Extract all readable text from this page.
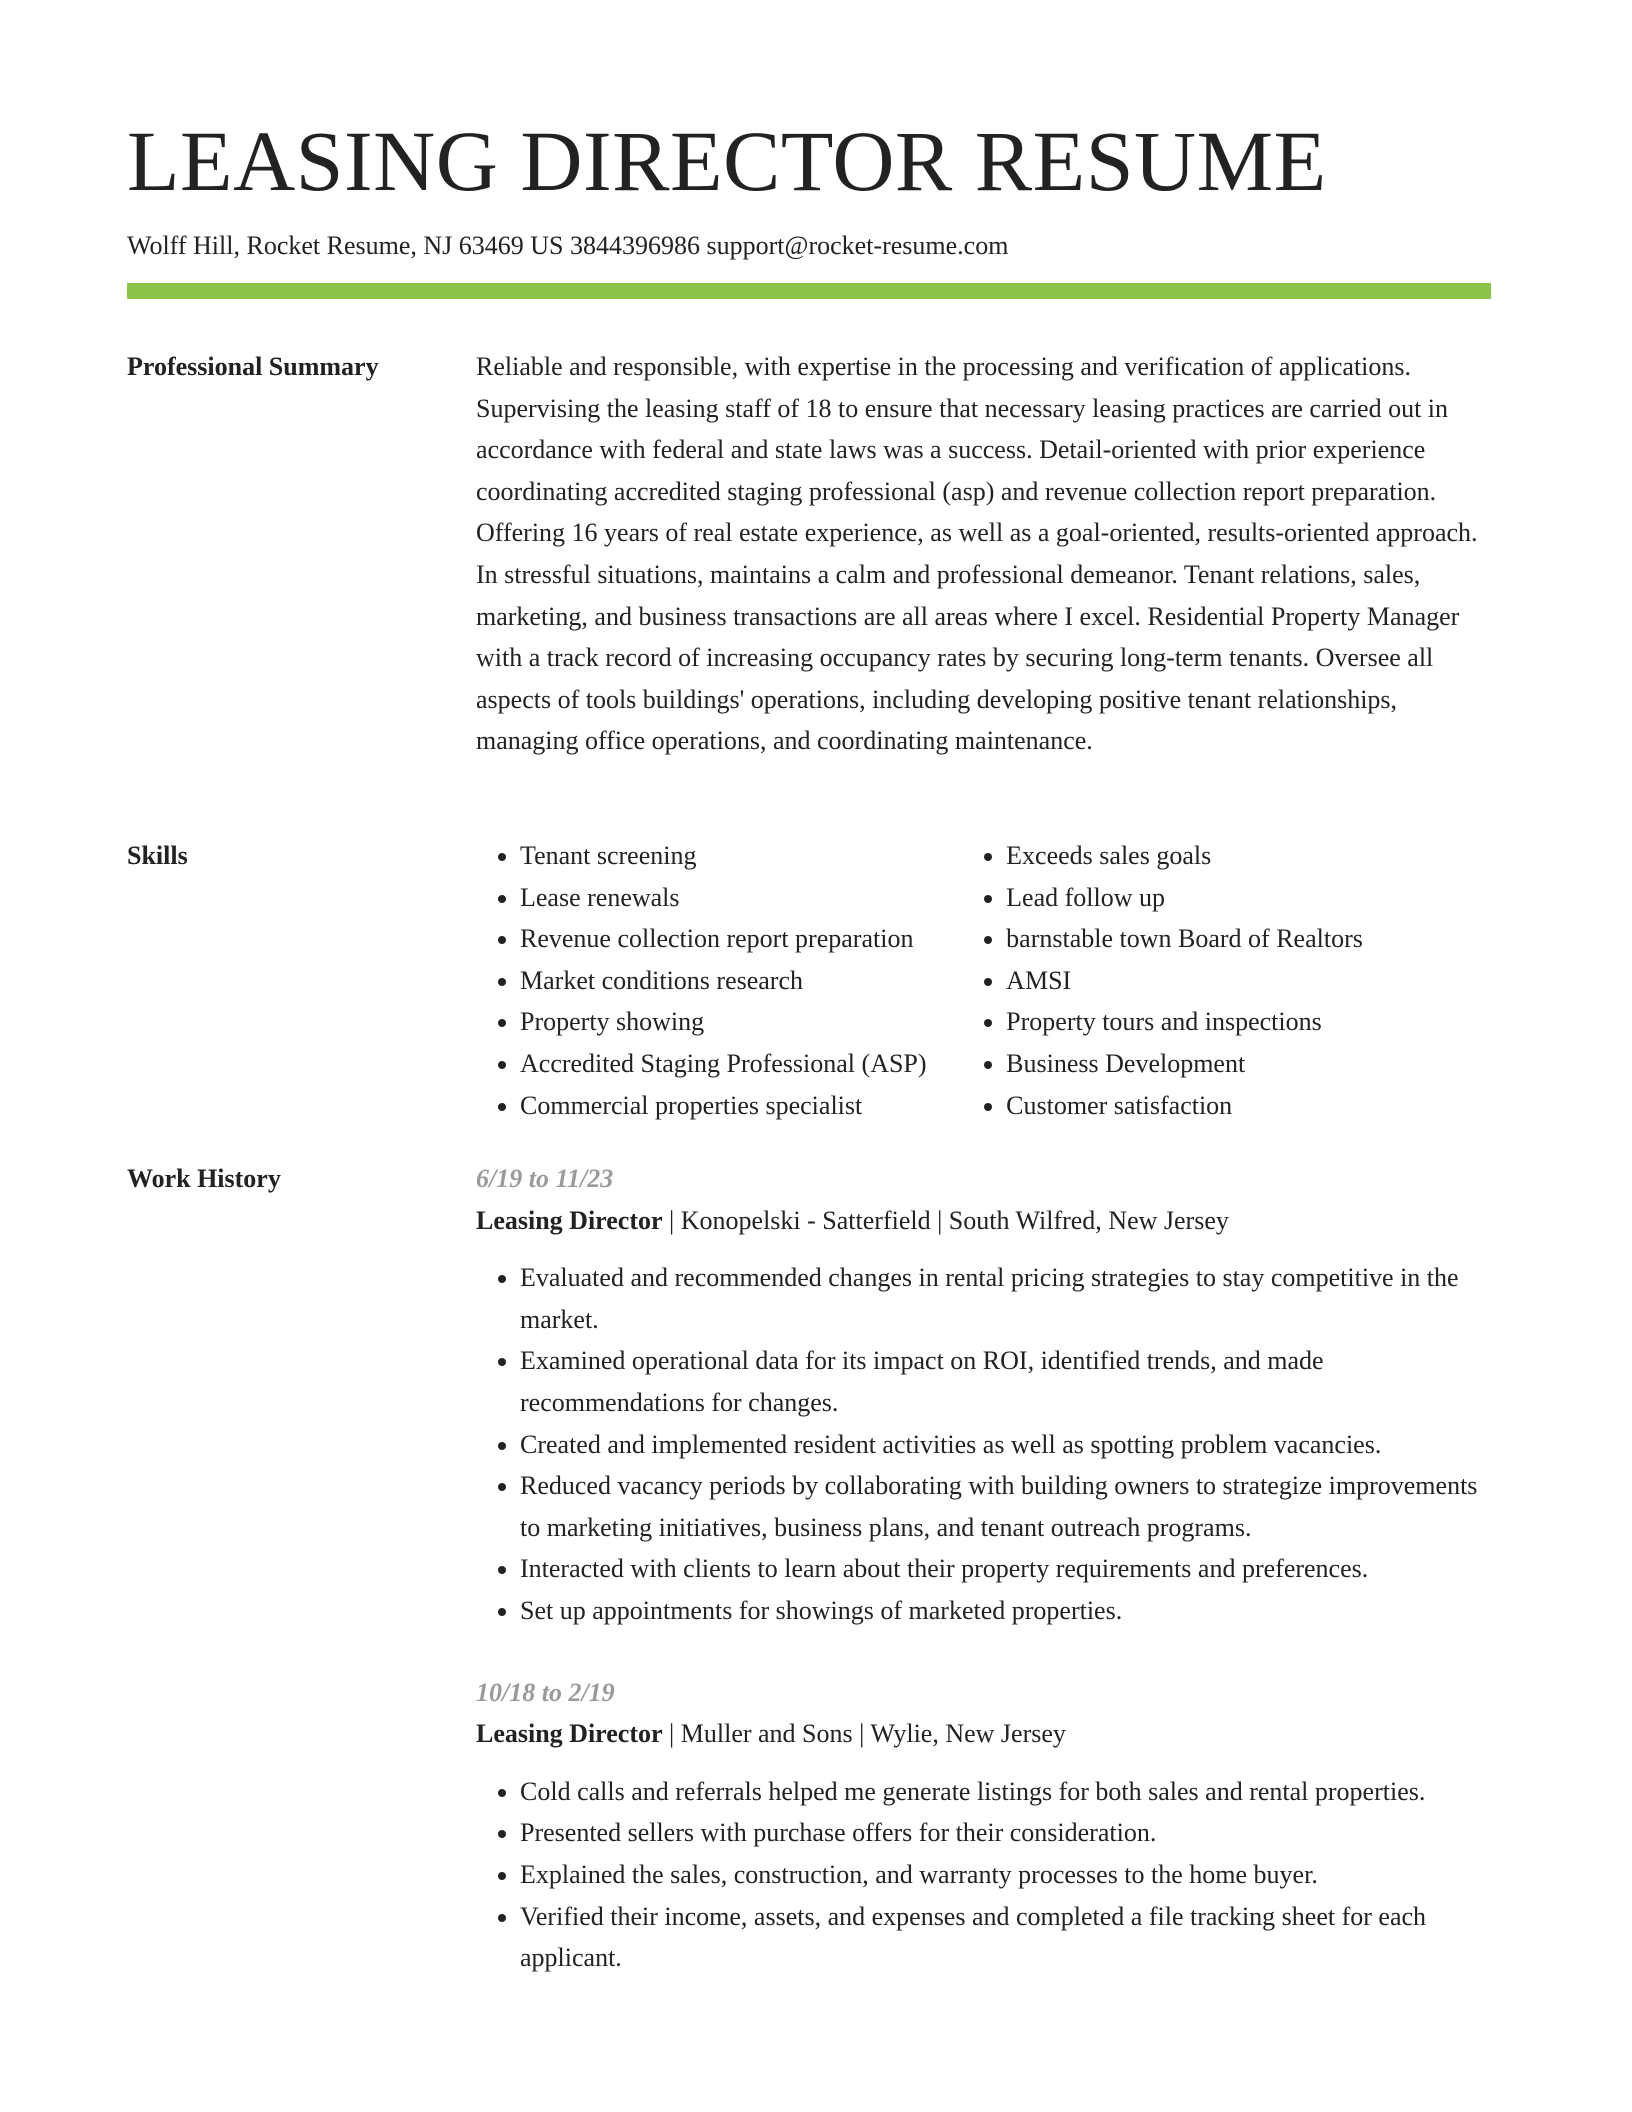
LEASING DIRECTOR RESUME
Wolff Hill, Rocket Resume, NJ 63469 US 3844396986 support@rocket-resume.com
Professional Summary	Reliable and responsible, with expertise in the processing and verification of applications. Supervising the leasing staff of 18 to ensure that necessary leasing practices are carried out in accordance with federal and state laws was a success. Detail-oriented with prior experience coordinating accredited staging professional (asp) and revenue collection report preparation. Offering 16 years of real estate experience, as well as a goal-oriented, results-oriented approach. In stressful situations, maintains a calm and professional demeanor. Tenant relations, sales, marketing, and business transactions are all areas where I excel. Residential Property Manager with a track record of increasing occupancy rates by securing long-term tenants. Oversee all aspects of tools buildings' operations, including developing positive tenant relationships, managing office operations, and coordinating maintenance.

Skills
•	Tenant screening
• Lease renewals
• Revenue collection report preparation
• Market conditions research
• Property showing
• Accredited Staging Professional (ASP)
• Commercial properties specialist
• Exceeds sales goals
• Lead follow up
• barnstable town Board of Realtors
• AMSI
• Property tours and inspections
• Business Development
• Customer satisfaction
Work History	6/19 to 11/23
Leasing Director | Konopelski - Satterfield | South Wilfred, New Jersey
• Evaluated and recommended changes in rental pricing strategies to stay competitive in the market.
• Examined operational data for its impact on ROI, identified trends, and made recommendations for changes.
• Created and implemented resident activities as well as spotting problem vacancies.
• Reduced vacancy periods by collaborating with building owners to strategize improvements to marketing initiatives, business plans, and tenant outreach programs.
• Interacted with clients to learn about their property requirements and preferences.
• Set up appointments for showings of marketed properties.
10/18 to 2/19
Leasing Director | Muller and Sons | Wylie, New Jersey
• Cold calls and referrals helped me generate listings for both sales and rental properties.
• Presented sellers with purchase offers for their consideration.
• Explained the sales, construction, and warranty processes to the home buyer.
• Verified their income, assets, and expenses and completed a file tracking sheet for each applicant.
